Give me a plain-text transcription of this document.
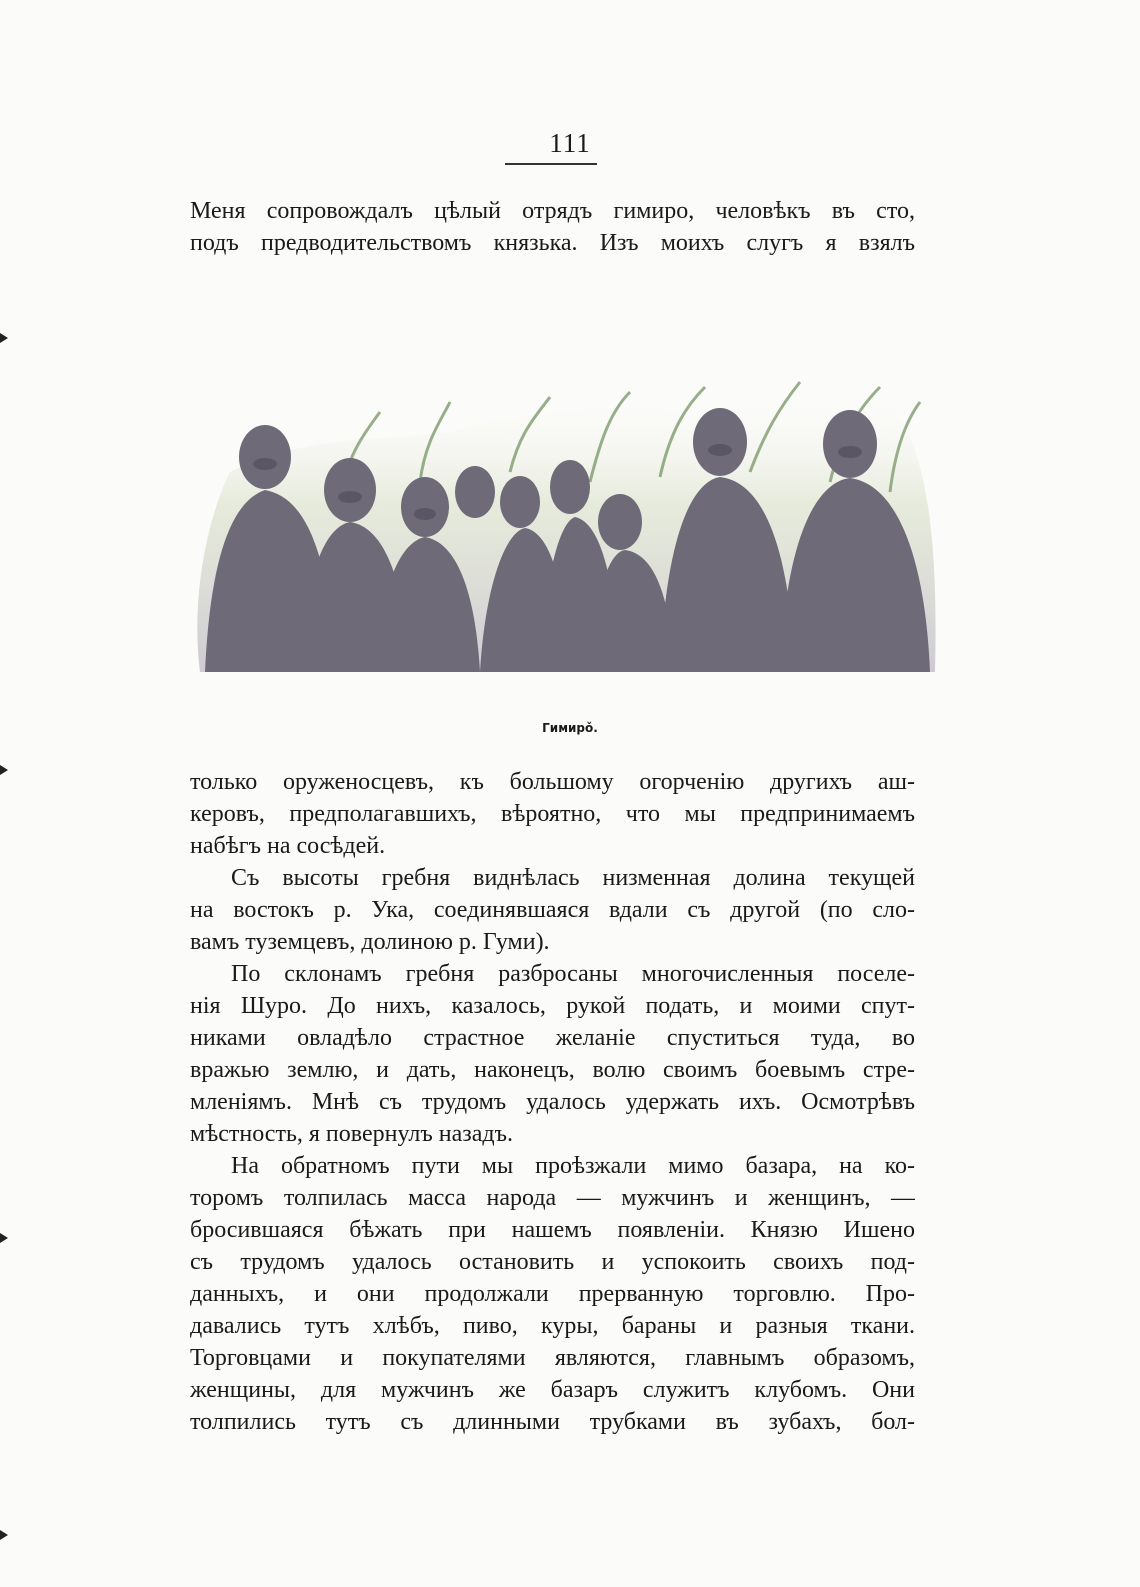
111
Меня сопровождалъ цѣлый отрядъ гимиро, человѣкъ въ сто,
подъ предводительствомъ князька. Изъ моихъ слугъ я взялъ
Гимирǒ.
только оруженосцевъ, къ большому огорченію другихъ аш-
керовъ, предполагавшихъ, вѣроятно, что мы предпринимаемъ
набѣгъ на сосѣдей.
Съ высоты гребня виднѣлась низменная долина текущей
на востокъ р. Ука, соединявшаяся вдали съ другой (по сло-
вамъ туземцевъ, долиною р. Гуми).
По склонамъ гребня разбросаны многочисленныя поселе-
нія Шуро. До нихъ, казалось, рукой подать, и моими спут-
никами овладѣло страстное желаніе спуститься туда, во
вражью землю, и дать, наконецъ, волю своимъ боевымъ стре-
мленіямъ. Мнѣ съ трудомъ удалось удержать ихъ. Осмотрѣвъ
мѣстность, я повернулъ назадъ.
На обратномъ пути мы проѣзжали мимо базара, на ко-
торомъ толпилась масса народа — мужчинъ и женщинъ, —
бросившаяся бѣжать при нашемъ появленіи. Князю Ишено
съ трудомъ удалось остановить и успокоить своихъ под-
данныхъ, и они продолжали прерванную торговлю. Про-
давались тутъ хлѣбъ, пиво, куры, бараны и разныя ткани.
Торговцами и покупателями являются, главнымъ образомъ,
женщины, для мужчинъ же базаръ служитъ клубомъ. Они
толпились тутъ съ длинными трубками въ зубахъ, бол-
